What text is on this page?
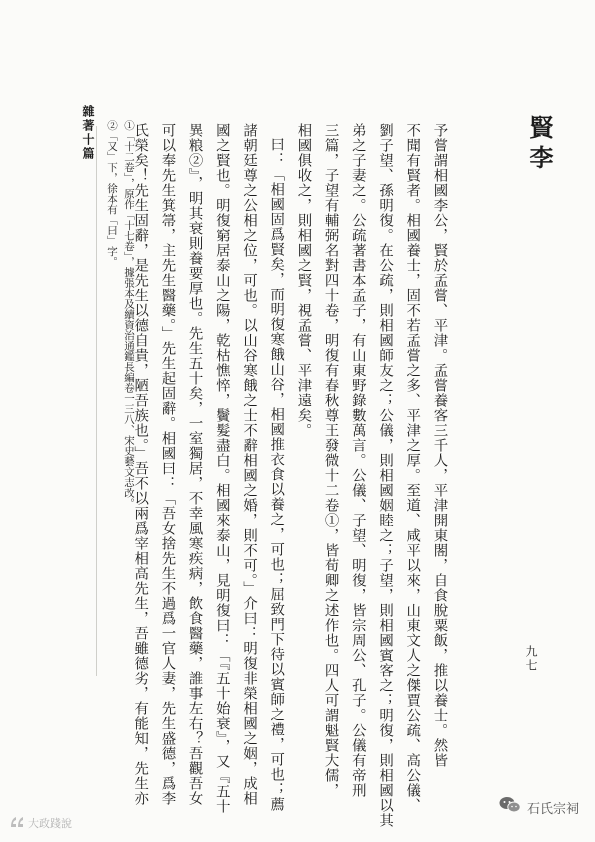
賢李
予嘗謂相國李公，賢於孟嘗、平津。孟嘗養客三千人，平津開東閤，自食脫粟飯，推以養士。然皆
不聞有賢者。相國養士，固不若孟嘗之多、平津之厚。至道、咸平以來，山東文人之傑賈公疏、高公儀、
劉子望、孫明復。在公疏，則相國師友之；公儀，則相國姻睦之；子望，則相國賓客之；明復，則相國以其
弟之子妻之。公疏著書本孟子，有山東野錄數萬言。公儀、子望、明復，皆宗周公、孔子。公儀有帝刑
三篇，子望有輔弼名對四十卷，明復有春秋尊王發微十二卷①，皆荀卿之述作也。四人可謂魁賢大儒，
相國俱收之，則相國之賢，視孟嘗、平津遠矣。
曰：「相國固爲賢矣，而明復寒餓山谷，相國推衣食以養之，可也；屈致門下待以賓師之禮，可也；薦
諸朝廷尊之公相之位，可也。以山谷寒餓之士不辭相國之婚，則不可。」介曰：明復非榮相國之姻，成相
國之賢也。明復窮居泰山之陽，乾枯憔悴，鬢髮盡白。相國來泰山，見明復曰：「『五十始衰』，又『五十
異粮②』，明其衰則養要厚也。先生五十矣，一室獨居，不幸風寒疾病，飲食醫藥，誰事左右？吾觀吾女
可以奉先生箕箒，主先生醫藥。」先生起固辭。相國曰：「吾女捨先生不過爲一官人妻，先生盛德，爲李
氏榮矣！先生固辭，是先生以德自貴，陋吾族也。」吾不以兩爲宰相高先生，吾雖德劣，有能知，先生亦
①「十二卷」，原作「十七卷」，據張本及續資治通鑑長編卷一三八、宋史藝文志改。
②「又」下，徐本有「曰」字。
雜著十篇
九七
大政踐說
石氏宗祠
